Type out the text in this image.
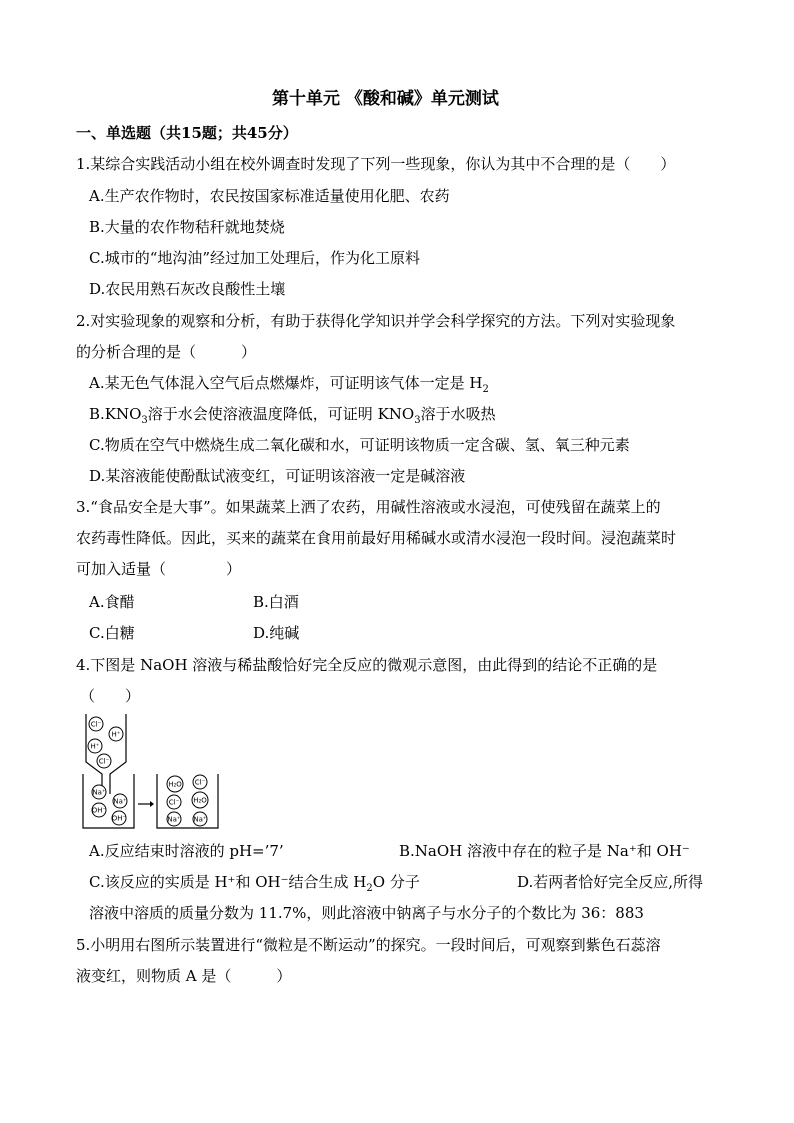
第十单元 《酸和碱》单元测试
一、单选题（共15题；共45分）
1.某综合实践活动小组在校外调查时发现了下列一些现象，你认为其中不合理的是（　　）
A.生产农作物时，农民按国家标准适量使用化肥、农药
B.大量的农作物秸秆就地焚烧
C.城市的“地沟油”经过加工处理后，作为化工原料
D.农民用熟石灰改良酸性土壤
2.对实验现象的观察和分析，有助于获得化学知识并学会科学探究的方法。下列对实验现象
的分析合理的是（　　　）
A.某无色气体混入空气后点燃爆炸，可证明该气体一定是 $H_2$
$B.KNO_3$溶于水会使溶液温度降低，可证明 $KNO_3$溶于水吸热
C.物质在空气中燃烧生成二氧化碳和水，可证明该物质一定含碳、氢、氧三种元素
D.某溶液能使酚酞试液变红，可证明该溶液一定是碱溶液
3.“食品安全是大事”。如果蔬菜上洒了农药，用碱性溶液或水浸泡，可使残留在蔬菜上的
农药毒性降低。因此，买来的蔬菜在食用前最好用稀碱水或清水浸泡一段时间。浸泡蔬菜时
可加入适量（　　　　）
A.食醋	B.白酒
C.白糖	D.纯碱
4.下图是 NaOH 溶液与稀盐酸恰好完全反应的微观示意图，由此得到的结论不正确的是
（　　）
Cl⁻
H⁺
H⁺
Cl⁻
Na⁺
Na⁺
OH⁻
OH⁻
H₂O Cl⁻
Cl⁻ H₂O
Na⁺ Na⁺
A.反应结束时溶液的 pH=’7’	B.NaOH 溶液中存在的粒子是 Na⁺和 OH⁻
C.该反应的实质是 H⁺和 OH⁻结合生成 $H_2O$ 分子	D.若两者恰好完全反应,所得
溶液中溶质的质量分数为 11.7%，则此溶液中钠离子与水分子的个数比为 36：883
5.小明用右图所示装置进行“微粒是不断运动”的探究。一段时间后，可观察到紫色石蕊溶
液变红，则物质 A 是（　　　）
